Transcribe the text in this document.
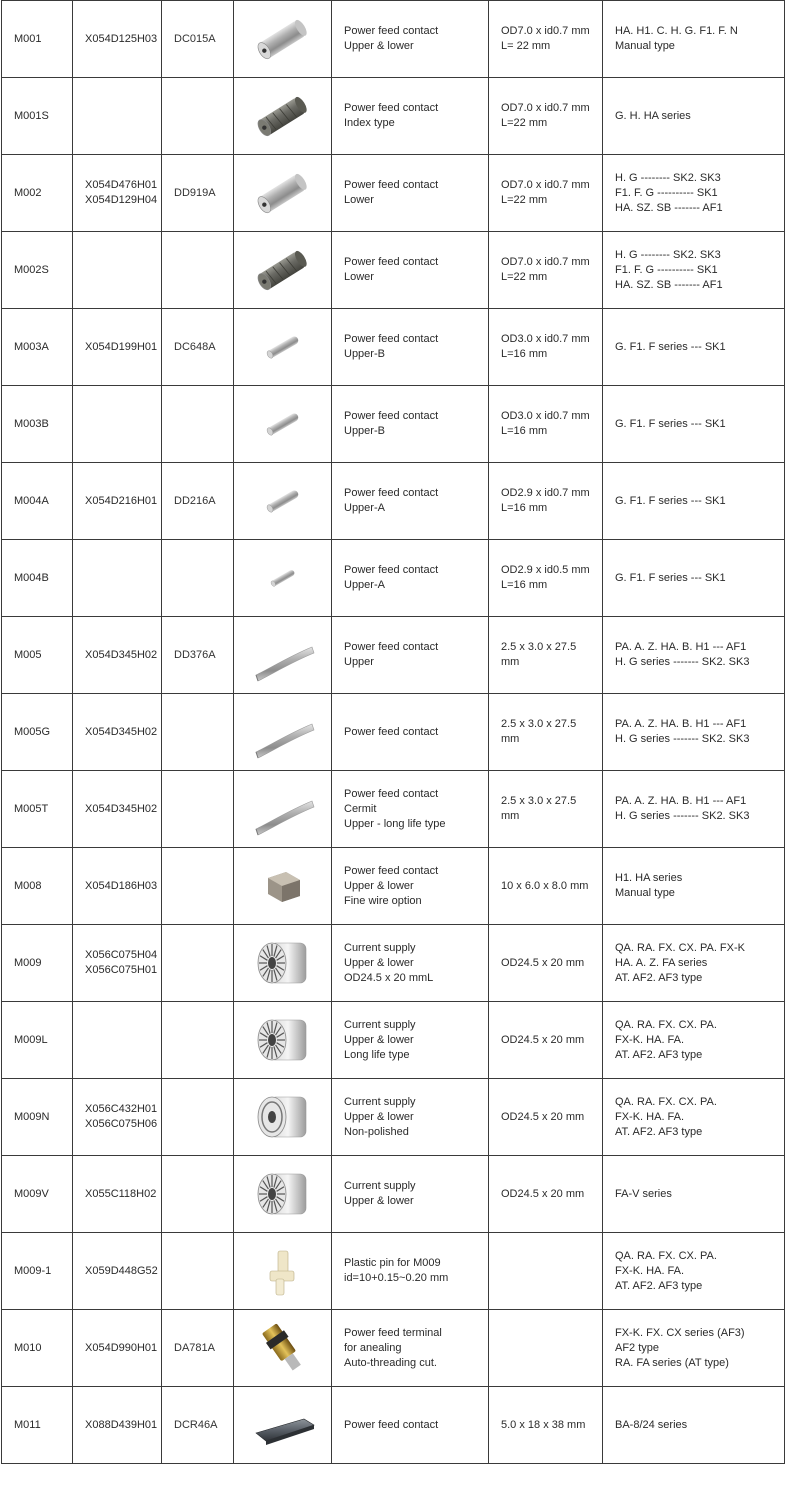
M001	X054D125H03	DC015A		Power feed contact
Upper & lower	OD7.0 x id0.7 mm
L= 22 mm	HA. H1. C. H. G. F1. F. N
Manual type

M001S				Power feed contact
Index type	OD7.0 x id0.7 mm
L=22 mm	G. H. HA series

M002	X054D476H01
X054D129H04	DD919A		Power feed contact
Lower	OD7.0 x id0.7 mm
L=22 mm	H. G -------- SK2. SK3
F1. F. G ---------- SK1
HA. SZ. SB ------- AF1

M002S				Power feed contact
Lower	OD7.0 x id0.7 mm
L=22 mm	H. G -------- SK2. SK3
F1. F. G ---------- SK1
HA. SZ. SB ------- AF1

M003A	X054D199H01	DC648A		Power feed contact
Upper-B	OD3.0 x id0.7 mm
L=16 mm	G. F1. F series --- SK1

M003B				Power feed contact
Upper-B	OD3.0 x id0.7 mm
L=16 mm	G. F1. F series --- SK1

M004A	X054D216H01	DD216A		Power feed contact
Upper-A	OD2.9 x id0.7 mm
L=16 mm	G. F1. F series --- SK1

M004B				Power feed contact
Upper-A	OD2.9 x id0.5 mm
L=16 mm	G. F1. F series --- SK1

M005	X054D345H02	DD376A		Power feed contact
Upper	2.5 x 3.0 x 27.5
mm	PA. A. Z. HA. B. H1 --- AF1
H. G series ------- SK2. SK3

M005G	X054D345H02			Power feed contact	2.5 x 3.0 x 27.5
mm	PA. A. Z. HA. B. H1 --- AF1
H. G series ------- SK2. SK3

M005T	X054D345H02			Power feed contact
Cermit
Upper - long life type	2.5 x 3.0 x 27.5
mm	PA. A. Z. HA. B. H1 --- AF1
H. G series ------- SK2. SK3

M008	X054D186H03			Power feed contact
Upper & lower
Fine wire option	10 x 6.0 x 8.0 mm	H1. HA series
Manual type

M009	X056C075H04
X056C075H01			Current supply
Upper & lower
OD24.5 x 20 mmL	OD24.5 x 20 mm	QA. RA. FX. CX. PA. FX-K
HA. A. Z. FA series
AT. AF2. AF3 type

M009L				Current supply
Upper & lower
Long life type	OD24.5 x 20 mm	QA. RA. FX. CX. PA.
FX-K. HA. FA.
AT. AF2. AF3 type

M009N	X056C432H01
X056C075H06			Current supply
Upper & lower
Non-polished	OD24.5 x 20 mm	QA. RA. FX. CX. PA.
FX-K. HA. FA.
AT. AF2. AF3 type

M009V	X055C118H02			Current supply
Upper & lower	OD24.5 x 20 mm	FA-V series

M009-1	X059D448G52			Plastic pin for M009
id=10+0.15~0.20 mm		QA. RA. FX. CX. PA.
FX-K. HA. FA.
AT. AF2. AF3 type

M010	X054D990H01	DA781A		Power feed terminal
for anealing
Auto-threading cut.		FX-K. FX. CX series (AF3)
AF2 type
RA. FA series (AT type)

M011	X088D439H01	DCR46A		Power feed contact	5.0 x 18 x 38 mm	BA-8/24 series
